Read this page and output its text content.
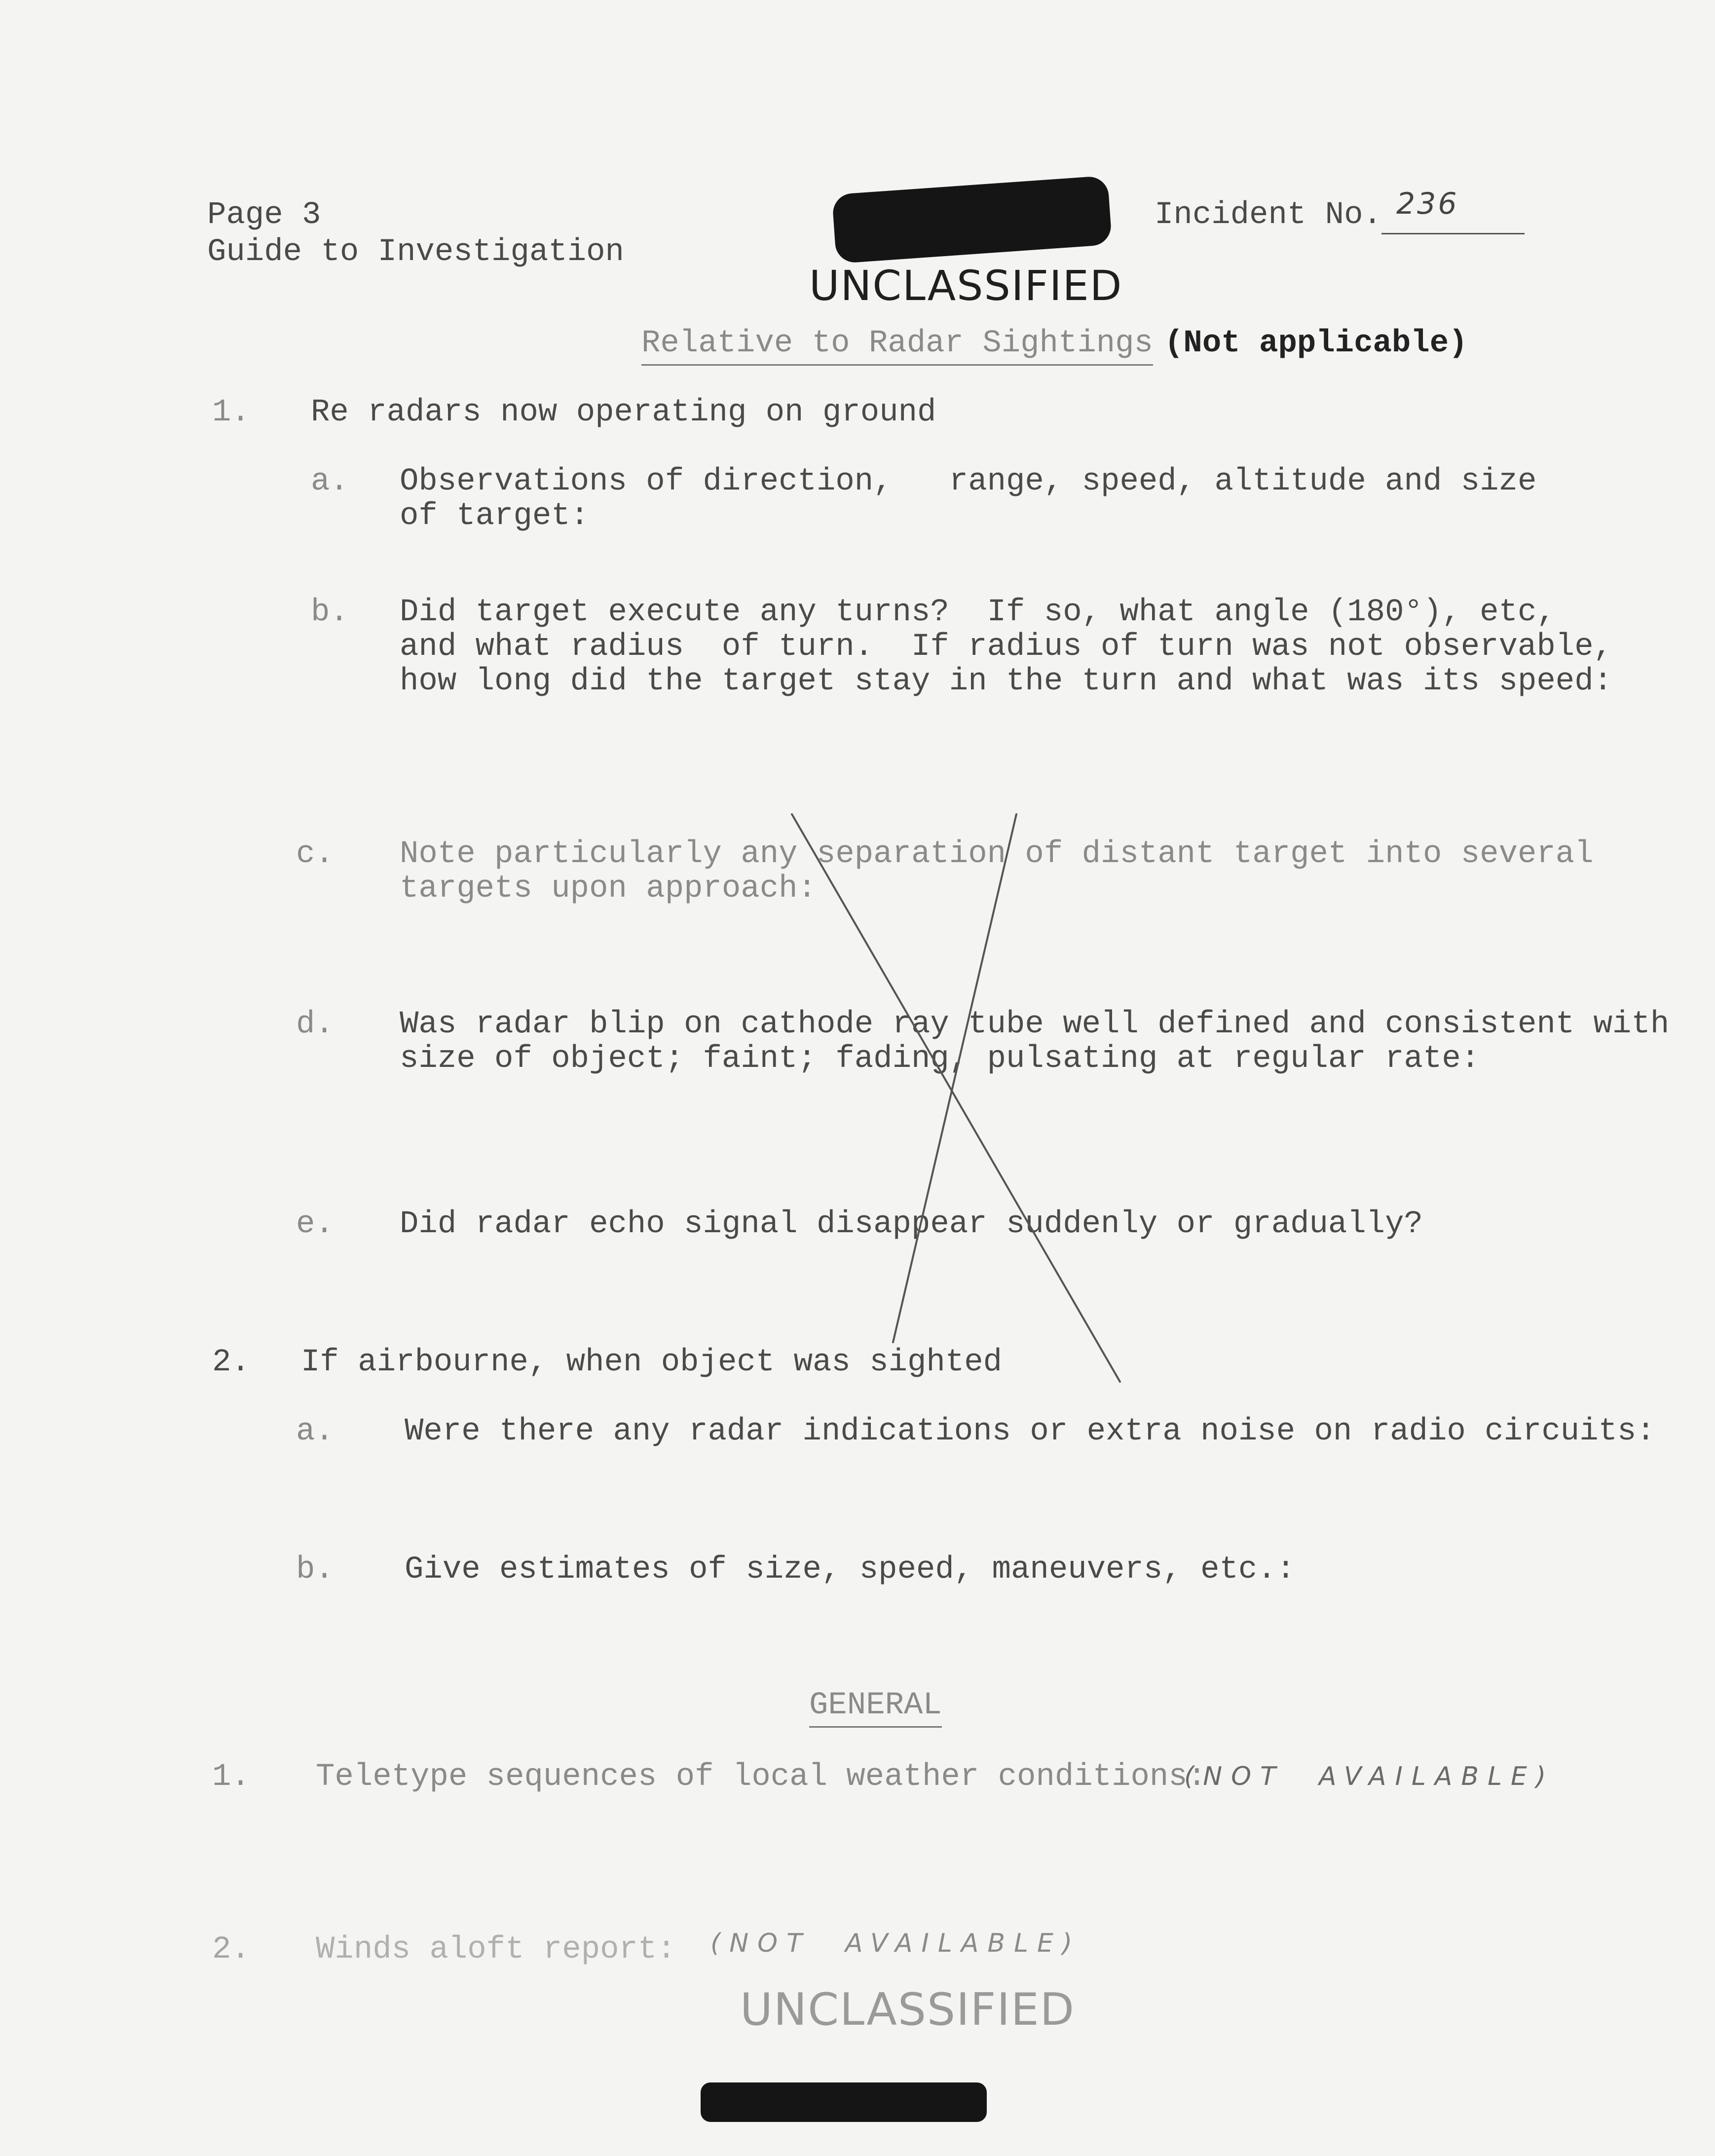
Page 3
Guide to Investigation
Incident No. 236
UNCLASSIFIED
Relative to Radar Sightings (Not applicable)
1. Re radars now operating on ground
a. Observations of direction,   range, speed, altitude and size
of target:
b. Did target execute any turns?  If so, what angle (180°), etc,
and what radius  of turn.  If radius of turn was not observable,
how long did the target stay in the turn and what was its speed:
c. Note particularly any separation of distant target into several
targets upon approach:
d. Was radar blip on cathode ray tube well defined and consistent with
size of object; faint; fading, pulsating at regular rate:
e. Did radar echo signal disappear suddenly or gradually?
2. If airbourne, when object was sighted
a. Were there any radar indications or extra noise on radio circuits:
b. Give estimates of size, speed, maneuvers, etc.:
GENERAL
1. Teletype sequences of local weather conditions:
(NOT  AVAILABLE)
2. Winds aloft report: (NOT  AVAILABLE)
UNCLASSIFIED
